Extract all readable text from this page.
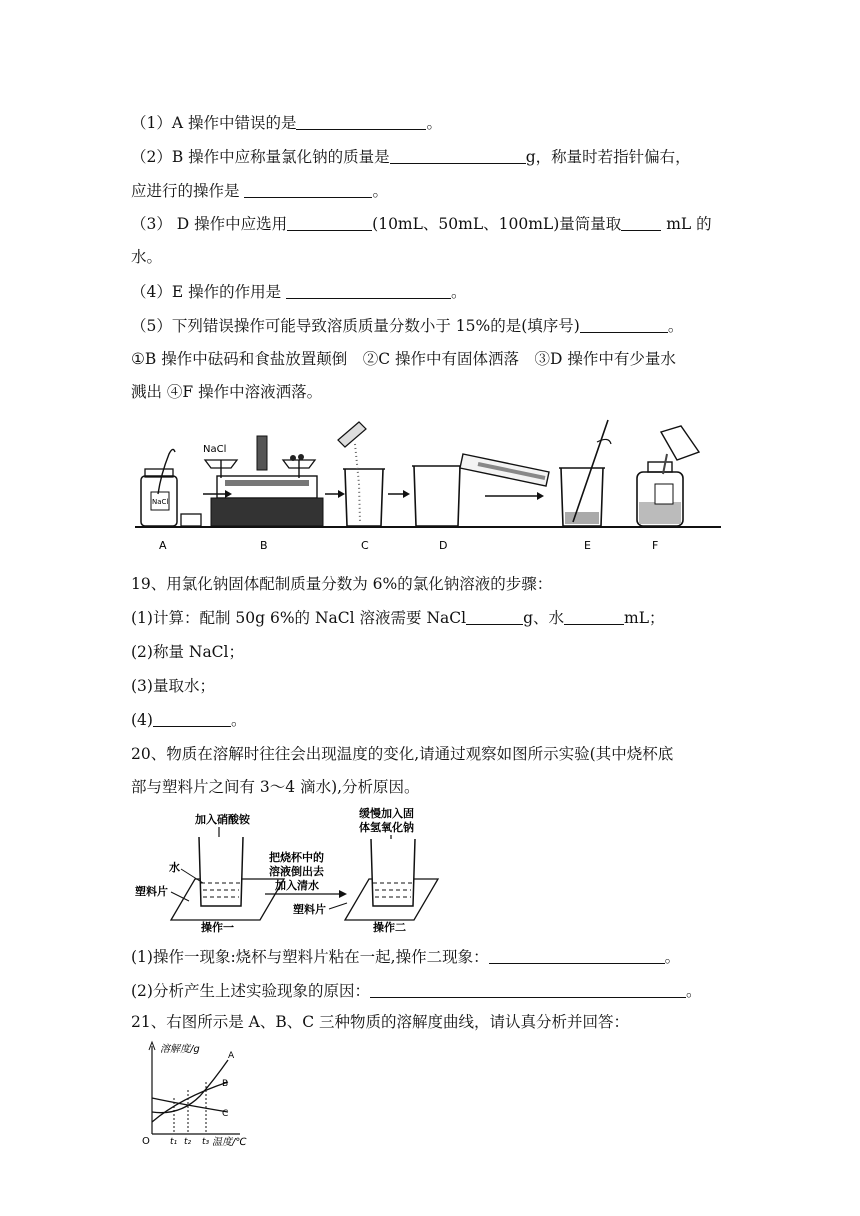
（1）A 操作中错误的是	。
（2）B 操作中应称量氯化钠的质量是	g，称量时若指针偏右，
应进行的操作是	。
（3） D 操作中应选用	(10mL、50mL、100mL)量筒量取	mL 的
水。
（4）E 操作的作用是	。
（5）下列错误操作可能导致溶质质量分数小于 15%的是(填序号)	。
①B 操作中砝码和食盐放置颠倒　②C 操作中有固体洒落　③D 操作中有少量水
溅出 ④F 操作中溶液洒落。
NaCl
NaCl
A	B	C	D	E	F
19、用氯化钠固体配制质量分数为 6%的氯化钠溶液的步骤：
(1)计算：配制 50g 6%的 NaCl 溶液需要 NaCl	g、水	mL；
(2)称量 NaCl；
(3)量取水；
(4)	。
20、物质在溶解时往往会出现温度的变化,请通过观察如图所示实验(其中烧杯底
部与塑料片之间有 3～4 滴水),分析原因。
加入硝酸铵
水
塑料片
操作一
把烧杯中的
溶液倒出去
加入清水
塑料片
缓慢加入固
体氢氧化钠
操作二
(1)操作一现象:烧杯与塑料片粘在一起,操作二现象：	。
(2)分析产生上述实验现象的原因：	。
21、右图所示是 A、B、C 三种物质的溶解度曲线，请认真分析并回答：
溶解度/g
O	温度/℃
t₁ t₂ t₃
A
B
C
